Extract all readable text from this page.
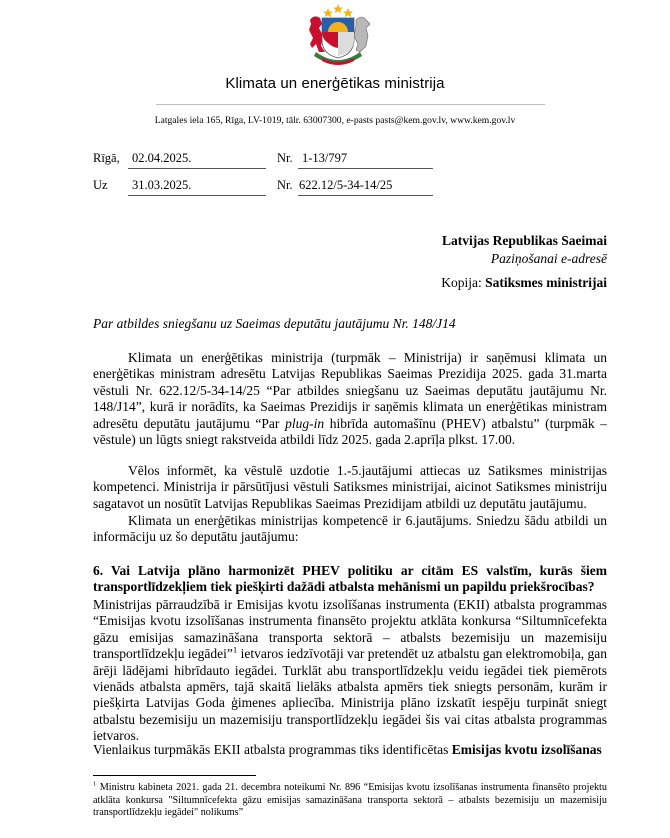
Klimata un enerģētikas ministrija
Latgales iela 165, Rīga, LV-1019, tālr. 63007300, e-pasts pasts@kem.gov.lv, www.kem.gov.lv
Rīgā, 02.04.2025.	Nr. 1-13/797
Uz	31.03.2025.	Nr. 622.12/5-34-14/25
Latvijas Republikas Saeimai
Paziņošanai e-adresē
Kopija: Satiksmes ministrijai
Par atbildes sniegšanu uz Saeimas deputātu jautājumu Nr. 148/J14

Klimata un enerģētikas ministrija (turpmāk – Ministrija) ir saņēmusi klimata un enerģētikas ministram adresētu Latvijas Republikas Saeimas Prezidija 2025. gada 31.marta vēstuli Nr. 622.12/5-34-14/25 “Par atbildes sniegšanu uz Saeimas deputātu jautājumu Nr. 148/J14”, kurā ir norādīts, ka Saeimas Prezidijs ir saņēmis klimata un enerģētikas ministram adresētu deputātu jautājumu “Par plug-in hibrīda automašīnu (PHEV) atbalstu” (turpmāk – vēstule) un lūgts sniegt rakstveida atbildi līdz 2025. gada 2.aprīļa plkst. 17.00.

Vēlos informēt, ka vēstulē uzdotie 1.-5.jautājumi attiecas uz Satiksmes ministrijas kompetenci. Ministrija ir pārsūtījusi vēstuli Satiksmes ministrijai, aicinot Satiksmes ministriju sagatavot un nosūtīt Latvijas Republikas Saeimas Prezidijam atbildi uz deputātu jautājumu.

Klimata un enerģētikas ministrijas kompetencē ir 6.jautājums. Sniedzu šādu atbildi un informāciju uz šo deputātu jautājumu:

6. Vai Latvija plāno harmonizēt PHEV politiku ar citām ES valstīm, kurās šiem transportlīdzekļiem tiek piešķirti dažādi atbalsta mehānismi un papildu priekšrocības?

Ministrijas pārraudzībā ir Emisijas kvotu izsolīšanas instrumenta (EKII) atbalsta programmas “Emisijas kvotu izsolīšanas instrumenta finansēto projektu atklāta konkursa “Siltumnīcefekta gāzu emisijas samazināšana transporta sektorā – atbalsts bezemisiju un mazemisiju transportlīdzekļu iegādei”$^1$ ietvaros iedzīvotāji var pretendēt uz atbalstu gan elektromobiļa, gan ārēji lādējami hibrīdauto iegādei. Turklāt abu transportlīdzekļu veidu iegādei tiek piemērots vienāds atbalsta apmērs, tajā skaitā lielāks atbalsta apmērs tiek sniegts personām, kurām ir piešķirta Latvijas Goda ģimenes apliecība. Ministrija plāno izskatīt iespēju turpināt sniegt atbalstu bezemisiju un mazemisiju transportlīdzekļu iegādei šis vai citas atbalsta programmas ietvaros.

Vienlaikus turpmākās EKII atbalsta programmas tiks identificētas Emisijas kvotu izsolīšanas

$^1$ Ministru kabineta 2021. gada 21. decembra noteikumi Nr. 896 “Emisijas kvotu izsolīšanas instrumenta finansēto projektu atklāta konkursa "Siltumnīcefekta gāzu emisijas samazināšana transporta sektorā – atbalsts bezemisiju un mazemisiju transportlīdzekļu iegādei" nolikums”
